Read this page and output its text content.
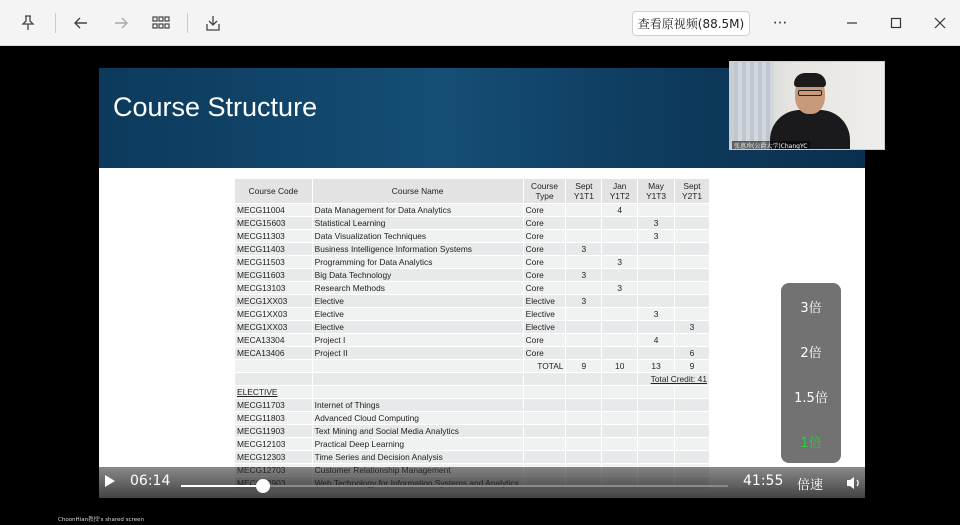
查看原视频(88.5M)	···
Course Structure
Course Code	Course Name	Course Type	Sept Y1T1	Jan Y1T2	May Y1T3	Sept Y2T1
MECG11004	Data Management for Data Analytics	Core		4		
MECG15603	Statistical Learning	Core			3	
MECG11303	Data Visualization Techniques	Core			3	
MECG11403	Business Intelligence Information Systems	Core	3			
MECG11503	Programming for Data Analytics	Core		3		
MECG11603	Big Data Technology	Core	3			
MECG13103	Research Methods	Core		3		
MECG1XX03	Elective	Elective	3			
MECG1XX03	Elective	Elective			3	
MECG1XX03	Elective	Elective				3
MECA13304	Project I	Core			4	
MECA13406	Project II	Core				6
		TOTAL	9	10	13	9
					Total Credit: 41	
ELECTIVE						
MECG11703	Internet of Things					
MECG11803	Advanced Cloud Computing					
MECG11903	Text Mining and Social Media Analytics					
MECG12103	Practical Deep Learning					
MECG12303	Time Series and Decision Analysis					

张惠珍(公爵大学)ChangYC
3倍
2倍
1.5倍
1倍
06:14	41:55 倍速
ChoonHian教授's shared screen
